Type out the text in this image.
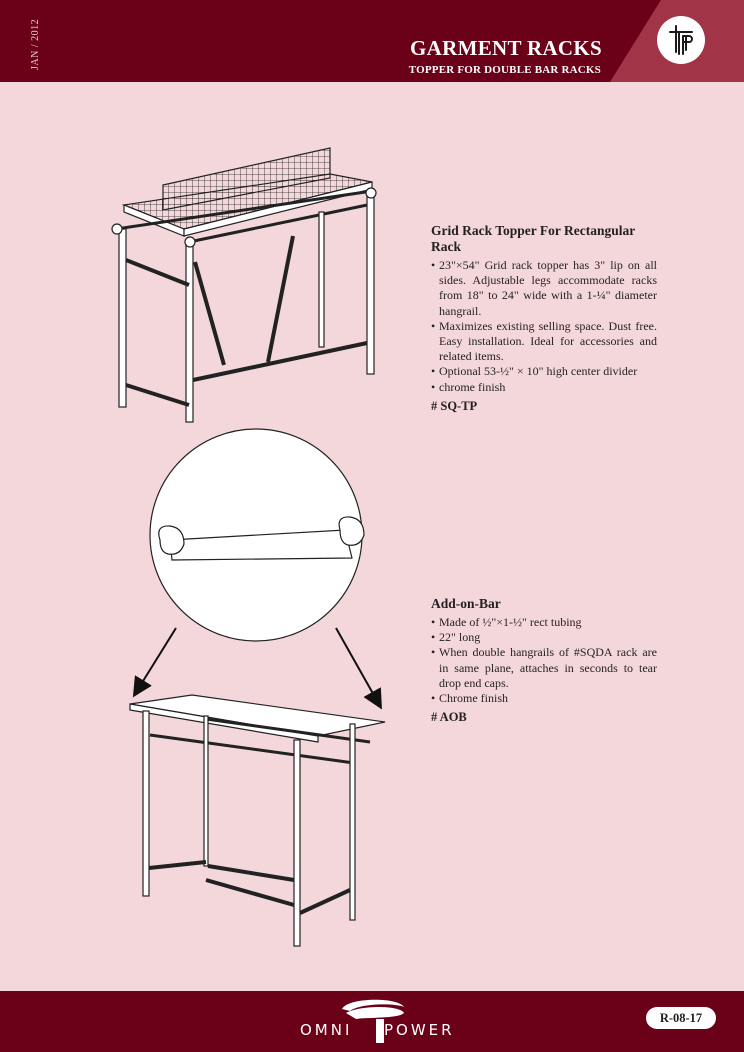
JAN / 2012	GARMENT RACKS
TOPPER FOR DOUBLE BAR RACKS
Grid Rack Topper For Rectangular Rack
• 23"×54" Grid rack topper has 3" lip on all sides. Adjustable legs accommodate racks from 18" to 24" wide with a 1-¼" diameter hangrail.
• Maximizes existing selling space. Dust free. Easy installation. Ideal for accessories and related items.
• Optional 53-½" × 10" high center divider
• chrome finish
# SQ-TP
Add-on-Bar
• Made of ½"×1-½" rect tubing
• 22" long
• When double hangrails of #SQDA rack are in same plane, attaches in seconds to tear drop end caps.
• Chrome finish
# AOB
OMNI POWER
R-08-17
